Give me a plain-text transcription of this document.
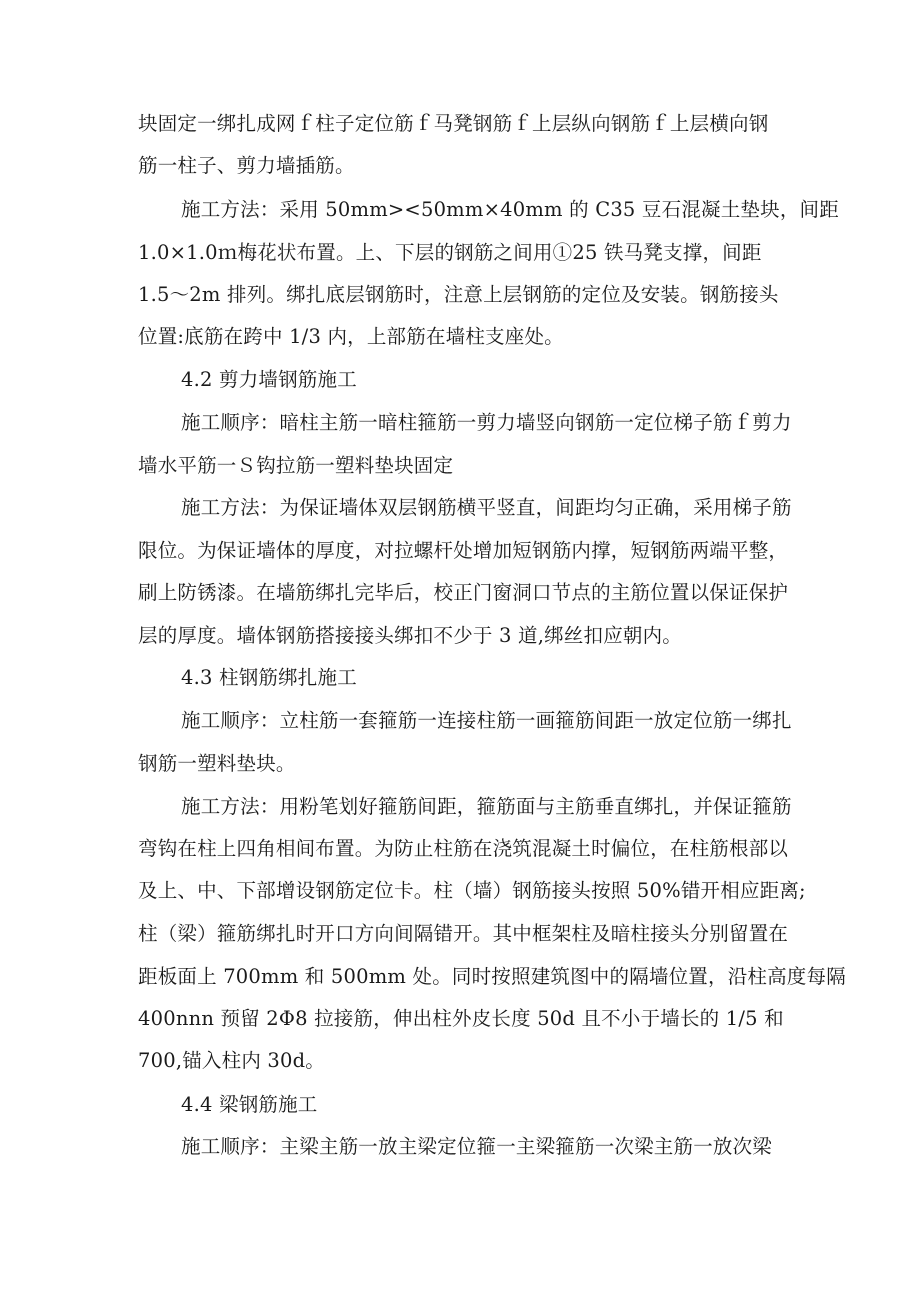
块固定一绑扎成网ｆ柱子定位筋ｆ马凳钢筋ｆ上层纵向钢筋ｆ上层横向钢
筋一柱子、剪力墙插筋。
施工方法：采用 50mm><50mm×40mm 的 C35 豆石混凝土垫块，间距
1.0×1.0ｍ梅花状布置。上、下层的钢筋之间用①25 铁马凳支撑，间距
1.5～2m 排列。绑扎底层钢筋时，注意上层钢筋的定位及安装。钢筋接头
位置:底筋在跨中 1/3 内，上部筋在墙柱支座处。
4.2 剪力墙钢筋施工
施工顺序：暗柱主筋一暗柱箍筋一剪力墙竖向钢筋一定位梯子筋ｆ剪力
墙水平筋一Ｓ钩拉筋一塑料垫块固定
施工方法：为保证墙体双层钢筋横平竖直，间距均匀正确，采用梯子筋
限位。为保证墙体的厚度，对拉螺杆处增加短钢筋内撑，短钢筋两端平整，
刷上防锈漆。在墙筋绑扎完毕后，校正门窗洞口节点的主筋位置以保证保护
层的厚度。墙体钢筋搭接接头绑扣不少于 3 道,绑丝扣应朝内。
4.3 柱钢筋绑扎施工
施工顺序：立柱筋一套箍筋一连接柱筋一画箍筋间距一放定位筋一绑扎
钢筋一塑料垫块。
施工方法：用粉笔划好箍筋间距，箍筋面与主筋垂直绑扎，并保证箍筋
弯钩在柱上四角相间布置。为防止柱筋在浇筑混凝土时偏位，在柱筋根部以
及上、中、下部增设钢筋定位卡。柱（墙）钢筋接头按照 50%错开相应距离;
柱（梁）箍筋绑扎时开口方向间隔错开。其中框架柱及暗柱接头分别留置在
距板面上 700mm 和 500mm 处。同时按照建筑图中的隔墙位置，沿柱高度每隔
400nnn 预留 2Φ8 拉接筋，伸出柱外皮长度 50d 且不小于墙长的 1/5 和
700,锚入柱内 30d。
4.4 梁钢筋施工
施工顺序：主梁主筋一放主梁定位箍一主梁箍筋一次梁主筋一放次梁
